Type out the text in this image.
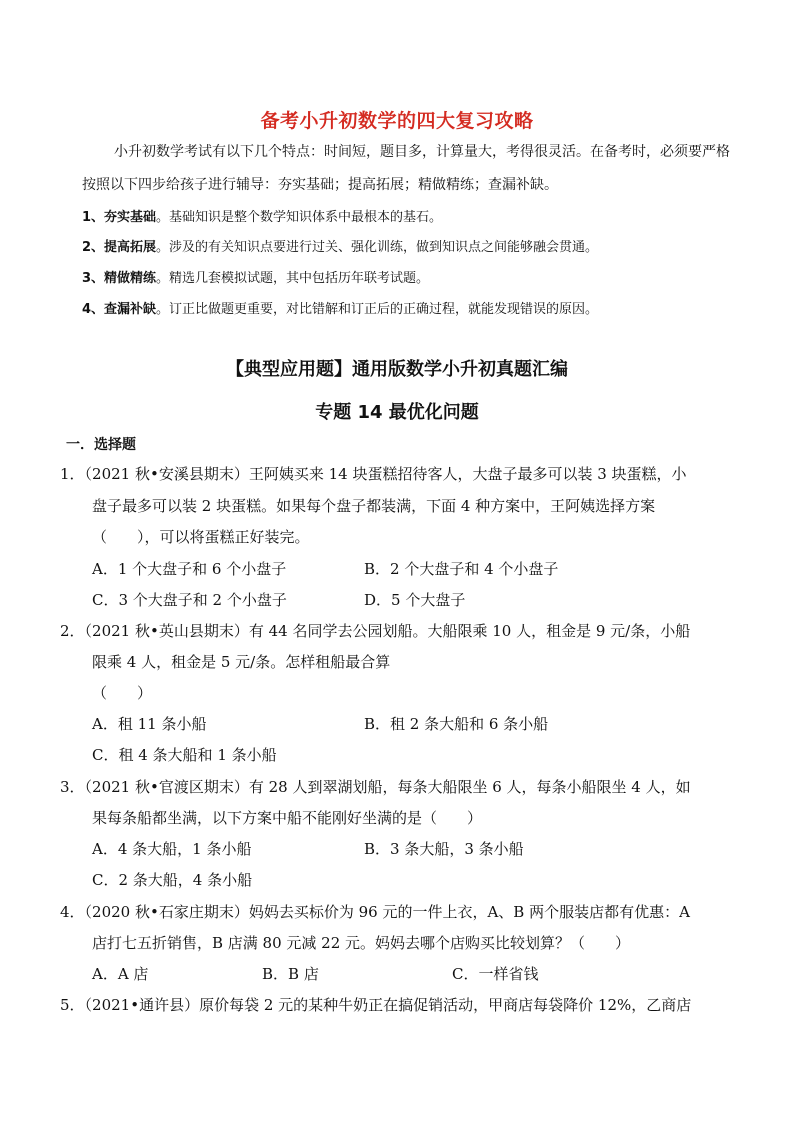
备考小升初数学的四大复习攻略
小升初数学考试有以下几个特点：时间短，题目多，计算量大，考得很灵活。在备考时，必须要严格
按照以下四步给孩子进行辅导：夯实基础；提高拓展；精做精练；查漏补缺。
1、夯实基础。基础知识是整个数学知识体系中最根本的基石。
2、提高拓展。涉及的有关知识点要进行过关、强化训练，做到知识点之间能够融会贯通。
3、精做精练。精选几套模拟试题，其中包括历年联考试题。
4、查漏补缺。订正比做题更重要，对比错解和订正后的正确过程，就能发现错误的原因。
【典型应用题】通用版数学小升初真题汇编
专题 14 最优化问题
一．选择题
1．（2021 秋•安溪县期末）王阿姨买来 14 块蛋糕招待客人，大盘子最多可以装 3 块蛋糕，小
盘子最多可以装 2 块蛋糕。如果每个盘子都装满，下面 4 种方案中，王阿姨选择方案
（　　），可以将蛋糕正好装完。
A．1 个大盘子和 6 个小盘子	B．2 个大盘子和 4 个小盘子
C．3 个大盘子和 2 个小盘子	D．5 个大盘子
2．（2021 秋•英山县期末）有 44 名同学去公园划船。大船限乘 10 人，租金是 9 元/条，小船
限乘 4 人，租金是 5 元/条。怎样租船最合算
（　　）
A．租 11 条小船	B．租 2 条大船和 6 条小船
C．租 4 条大船和 1 条小船
3．（2021 秋•官渡区期末）有 28 人到翠湖划船，每条大船限坐 6 人，每条小船限坐 4 人，如
果每条船都坐满，以下方案中船不能刚好坐满的是（　　）
A．4 条大船，1 条小船	B．3 条大船，3 条小船
C．2 条大船，4 条小船
4．（2020 秋•石家庄期末）妈妈去买标价为 96 元的一件上衣，A、B 两个服装店都有优惠：A
店打七五折销售，B 店满 80 元减 22 元。妈妈去哪个店购买比较划算？（　　）
A．A 店	B．B 店	C．一样省钱
5．（2021•通许县）原价每袋 2 元的某种牛奶正在搞促销活动，甲商店每袋降价 12%，乙商店
